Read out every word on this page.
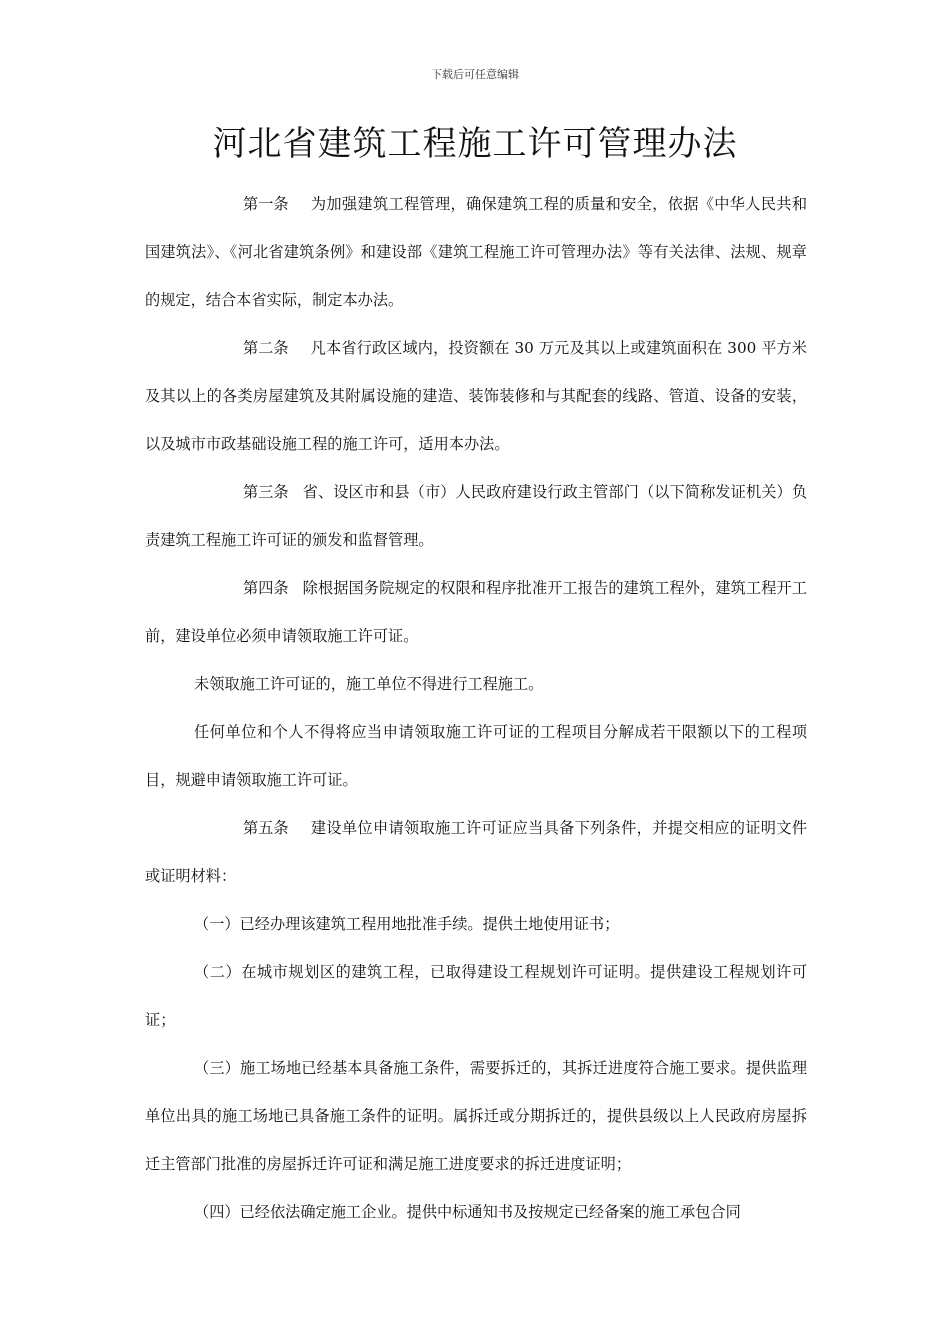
下载后可任意编辑
河北省建筑工程施工许可管理办法

第一条 为加强建筑工程管理，确保建筑工程的质量和安全，依据《中华人民共和国建筑法》、《河北省建筑条例》和建设部《建筑工程施工许可管理办法》等有关法律、法规、规章的规定，结合本省实际，制定本办法。

第二条 凡本省行政区域内，投资额在 30 万元及其以上或建筑面积在 300 平方米及其以上的各类房屋建筑及其附属设施的建造、装饰装修和与其配套的线路、管道、设备的安装，以及城市市政基础设施工程的施工许可，适用本办法。

第三条 省、设区市和县（市）人民政府建设行政主管部门（以下简称发证机关）负责建筑工程施工许可证的颁发和监督管理。

第四条 除根据国务院规定的权限和程序批准开工报告的建筑工程外，建筑工程开工前，建设单位必须申请领取施工许可证。

未领取施工许可证的，施工单位不得进行工程施工。

任何单位和个人不得将应当申请领取施工许可证的工程项目分解成若干限额以下的工程项目，规避申请领取施工许可证。

第五条 建设单位申请领取施工许可证应当具备下列条件，并提交相应的证明文件或证明材料：

（一）已经办理该建筑工程用地批准手续。提供土地使用证书；

（二）在城市规划区的建筑工程，已取得建设工程规划许可证明。提供建设工程规划许可证；

（三）施工场地已经基本具备施工条件，需要拆迁的，其拆迁进度符合施工要求。提供监理单位出具的施工场地已具备施工条件的证明。属拆迁或分期拆迁的，提供县级以上人民政府房屋拆迁主管部门批准的房屋拆迁许可证和满足施工进度要求的拆迁进度证明；

（四）已经依法确定施工企业。提供中标通知书及按规定已经备案的施工承包合同
